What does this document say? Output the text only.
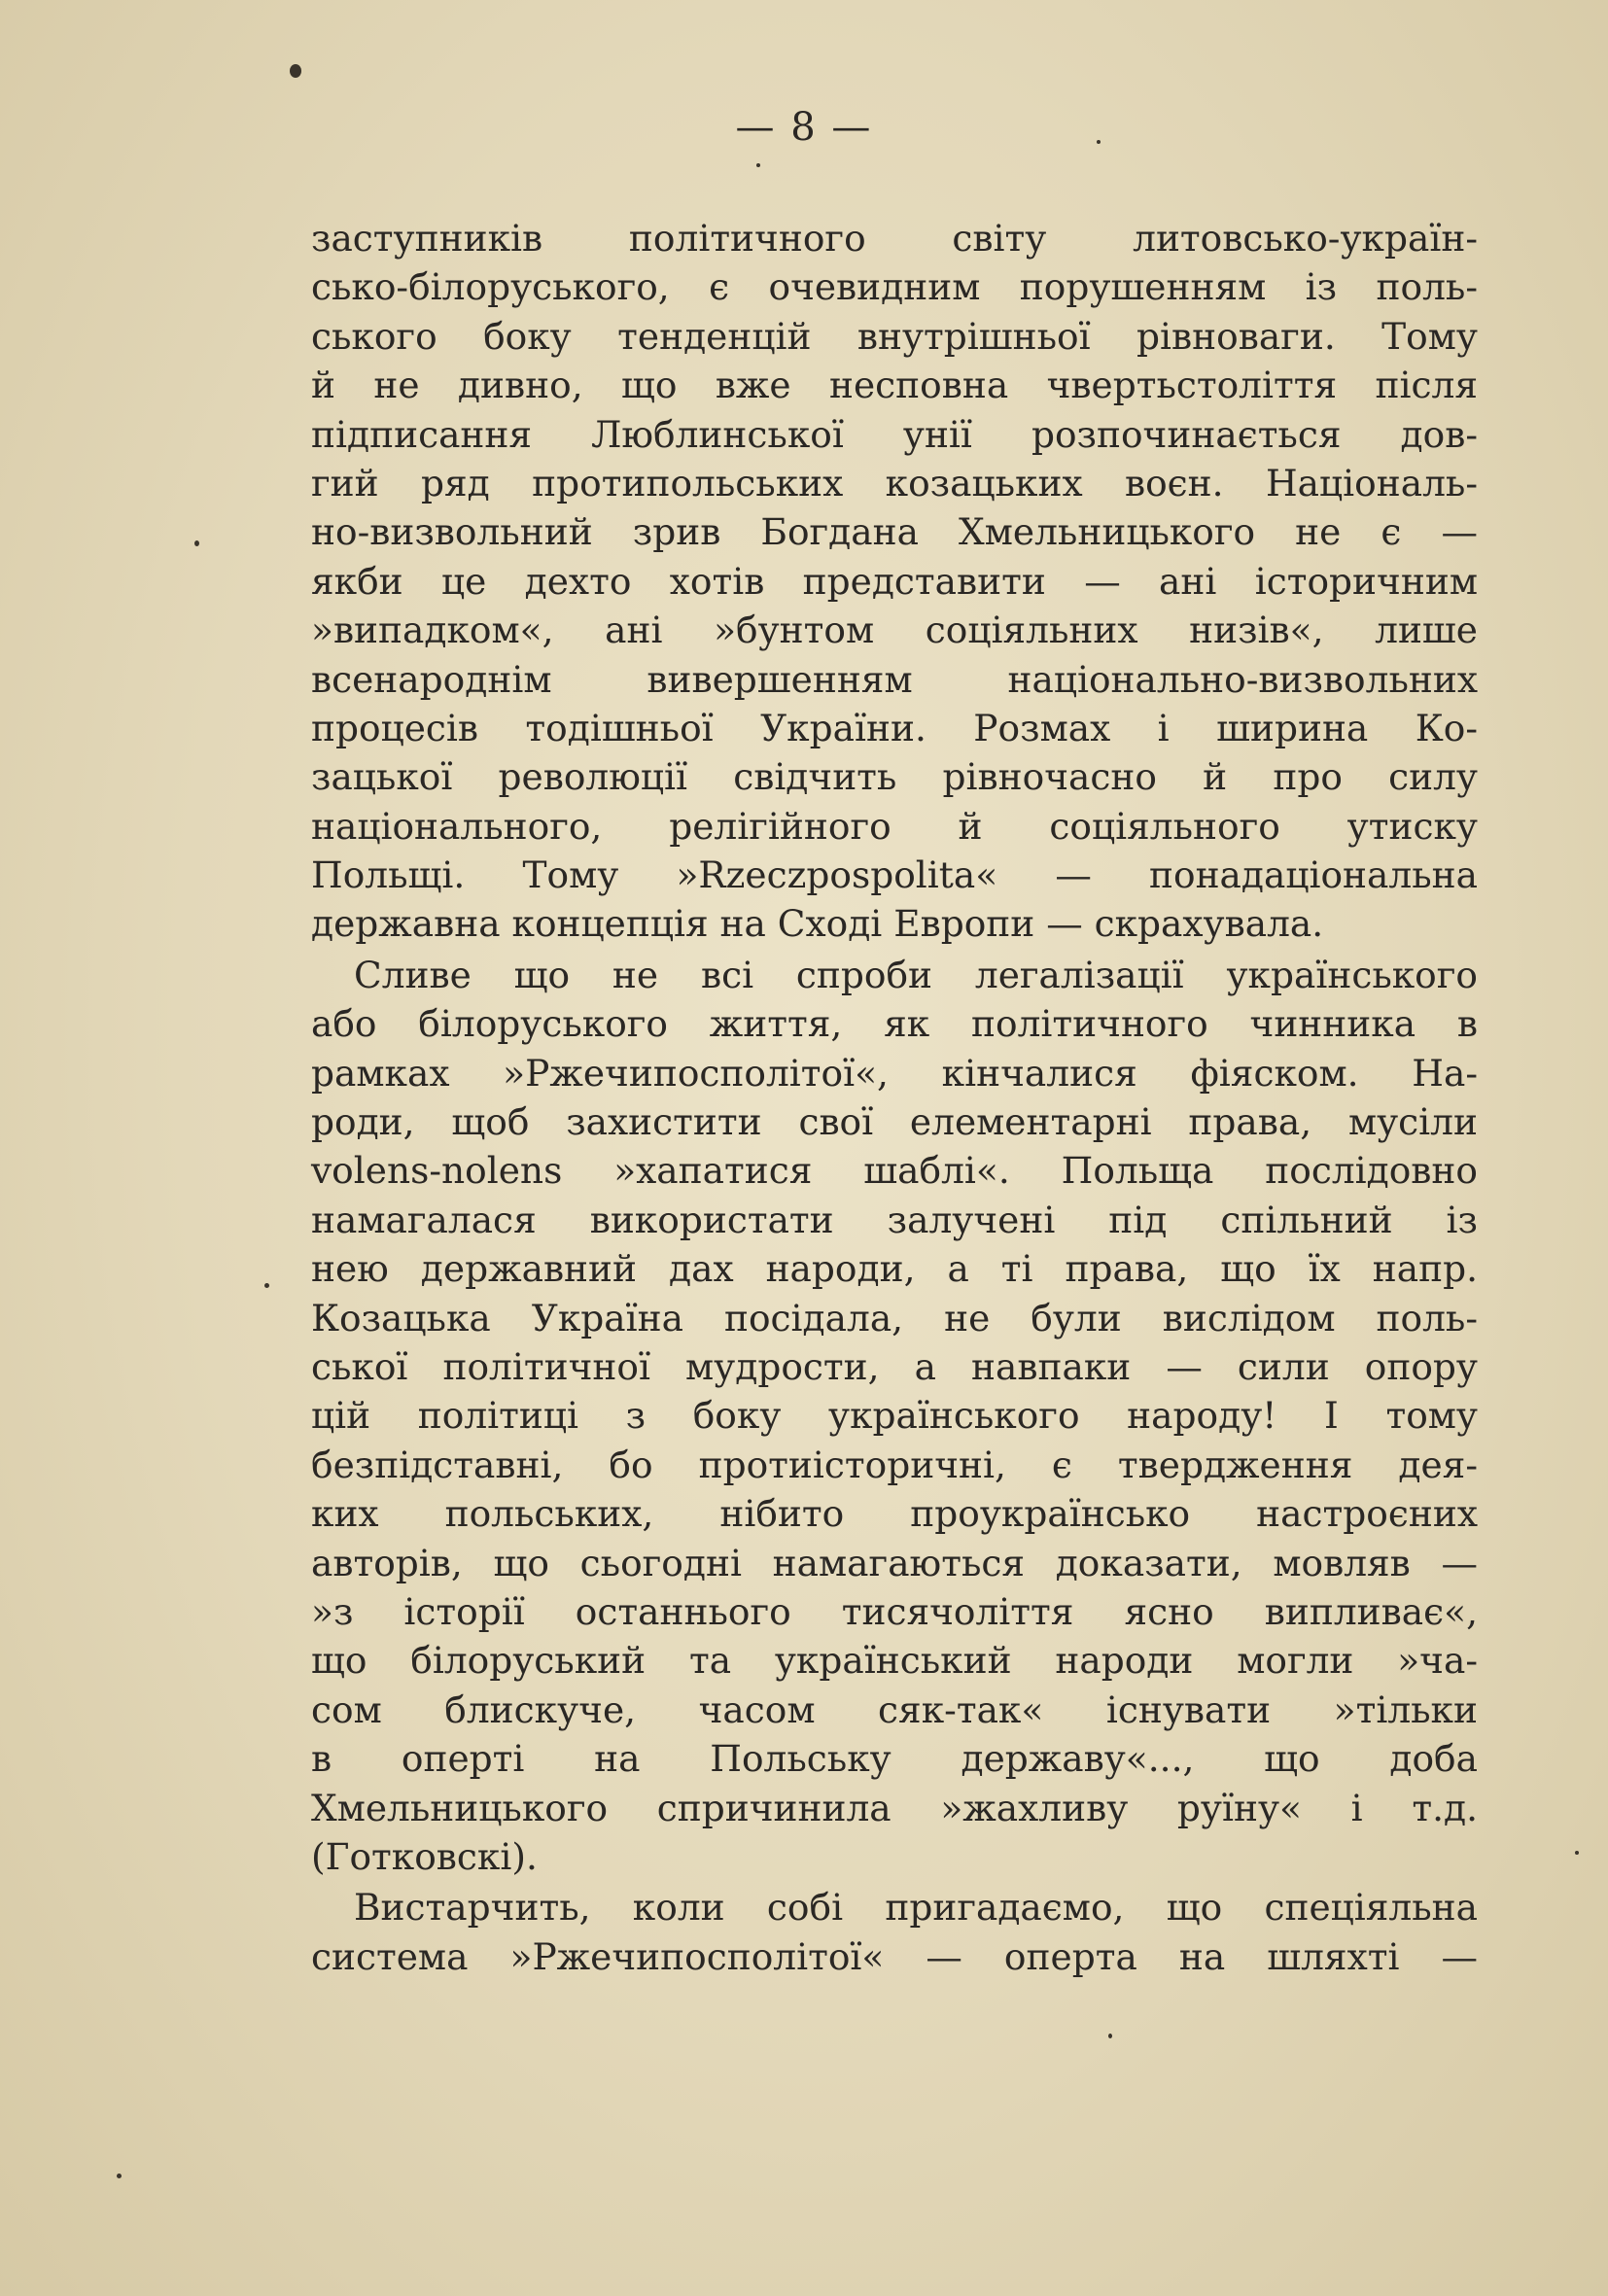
— 8 —
заступників політичного світу литовсько-україн-
сько-білоруського, є очевидним порушенням із поль-
ського боку тенденцій внутрішньої рівноваги. Тому
й не дивно, що вже несповна чвертьстоліття після
підписання Люблинської унії розпочинається дов-
гий ряд протипольських козацьких воєн. Національ-
но-визвольний зрив Богдана Хмельницького не є —
якби це дехто хотів представити — ані історичним
»випадком«, ані »бунтом соціяльних низів«, лише
всенароднім вивершенням національно-визвольних
процесів тодішньої України. Розмах і ширина Ко-
зацької революції свідчить рівночасно й про силу
національного, релігійного й соціяльного утиску
Польщі. Тому »Rzeczpospolita« — понадаціональна
державна концепція на Сході Европи — скрахувала.
Сливе що не всі спроби легалізації українського
або білоруського життя, як політичного чинника в
рамках »Ржечипосполітої«, кінчалися фіяском. На-
роди, щоб захистити свої елементарні права, мусіли
volens-nolens »хапатися шаблі«. Польща послідовно
намагалася використати залучені під спільний із
нею державний дах народи, а ті права, що їх напр.
Козацька Україна посідала, не були вислідом поль-
ської політичної мудрости, а навпаки — сили опору
цій політиці з боку українського народу! І тому
безпідставні, бо протиісторичні, є твердження дея-
ких польських, нібито проукраїнсько настроєних
авторів, що сьогодні намагаються доказати, мовляв —
»з історії останнього тисячоліття ясно випливає«,
що білоруський та український народи могли »ча-
сом блискуче, часом сяк-так« існувати »тільки
в оперті на Польську державу«..., що доба
Хмельницького спричинила »жахливу руїну« і т.д.
(Готковскі).
Вистарчить, коли собі пригадаємо, що спеціяльна
система »Ржечипосполітої« — оперта на шляхті —
